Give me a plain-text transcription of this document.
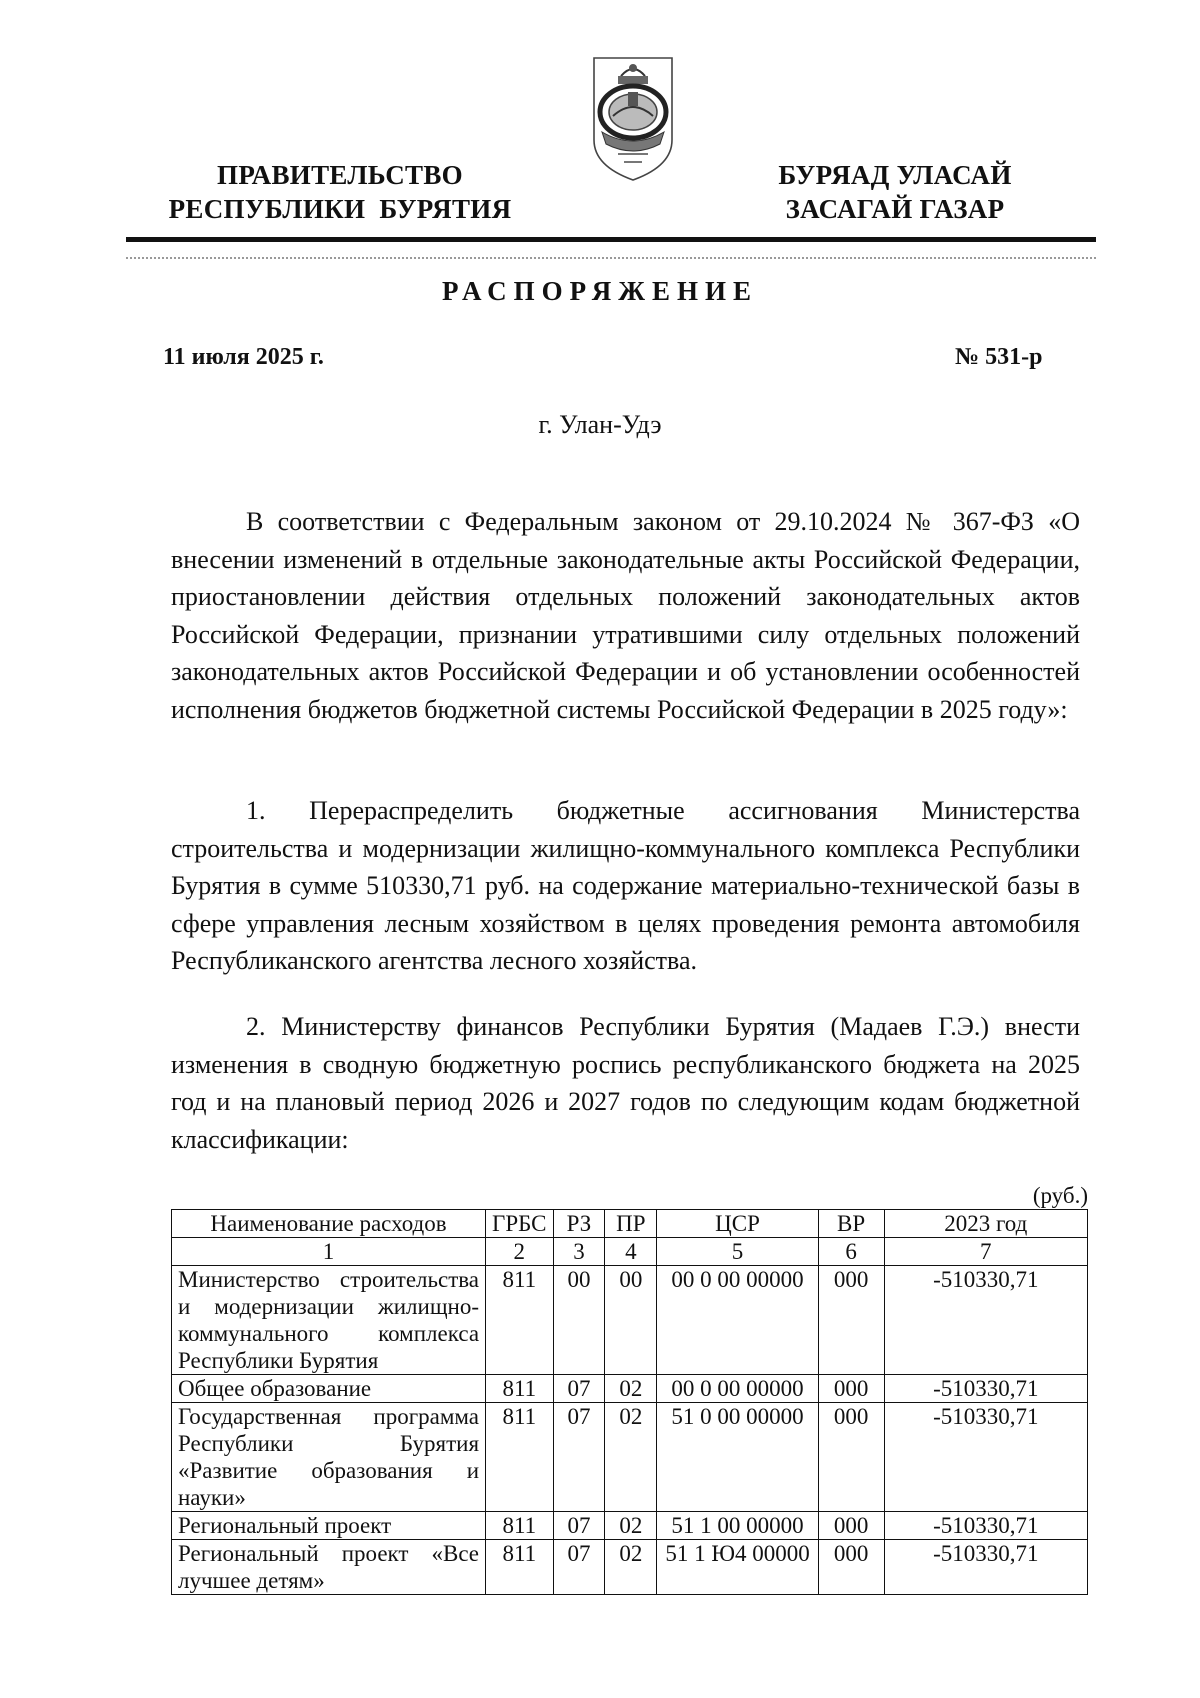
ПРАВИТЕЛЬСТВО
РЕСПУБЛИКИ  БУРЯТИЯ
БУРЯАД УЛАСАЙ
ЗАСАГАЙ ГАЗАР
РАСПОРЯЖЕНИЕ
11 июля 2025 г.	№ 531-р
г. Улан-Удэ

В соответствии с Федеральным законом от 29.10.2024 № 367-ФЗ «О внесении изменений в отдельные законодательные акты Российской Федерации, приостановлении действия отдельных положений законодательных актов Российской Федерации, признании утратившими силу отдельных положений законодательных актов Российской Федерации и об установлении особенностей исполнения бюджетов бюджетной системы Российской Федерации в 2025 году»:

1. Перераспределить бюджетные ассигнования Министерства строительства и модернизации жилищно-коммунального комплекса Республики Бурятия в сумме 510330,71 руб. на содержание материально-технической базы в сфере управления лесным хозяйством в целях проведения ремонта автомобиля Республиканского агентства лесного хозяйства.

2. Министерству финансов Республики Бурятия (Мадаев Г.Э.) внести изменения в сводную бюджетную роспись республиканского бюджета на 2025 год и на плановый период 2026 и 2027 годов по следующим кодам бюджетной классификации:

(руб.)
Наименование расходов	ГРБС	РЗ	ПР	ЦСР	ВР	2023 год
1	2	3	4	5	6	7
Министерство строительства и модернизации жилищно-коммунального комплекса Республики Бурятия	811	00	00	00 0 00 00000	000	-510330,71
Общее образование	811	07	02	00 0 00 00000	000	-510330,71
Государственная программа Республики Бурятия «Развитие образования и науки»	811	07	02	51 0 00 00000	000	-510330,71
Региональный проект	811	07	02	51 1 00 00000	000	-510330,71
Региональный проект «Все лучшее детям»	811	07	02	51 1 Ю4 00000	000	-510330,71
